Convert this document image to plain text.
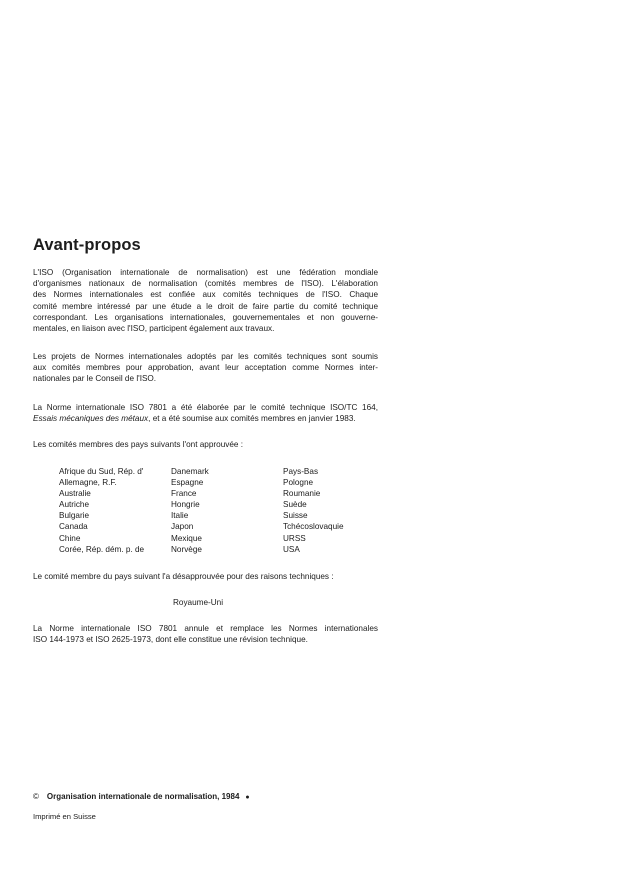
Avant-propos
L'ISO (Organisation internationale de normalisation) est une fédération mondiale
d'organismes nationaux de normalisation (comités membres de l'ISO). L'élaboration
des Normes internationales est confiée aux comités techniques de l'ISO. Chaque
comité membre intéressé par une étude a le droit de faire partie du comité technique
correspondant. Les organisations internationales, gouvernementales et non gouverne-
mentales, en liaison avec l'ISO, participent également aux travaux.
Les projets de Normes internationales adoptés par les comités techniques sont soumis
aux comités membres pour approbation, avant leur acceptation comme Normes inter-
nationales par le Conseil de l'ISO.
La Norme internationale ISO 7801 a été élaborée par le comité technique ISO/TC 164,
Essais mécaniques des métaux, et a été soumise aux comités membres en janvier 1983.
Les comités membres des pays suivants l'ont approuvée :
Afrique du Sud, Rép. d'
Allemagne, R.F.
Australie
Autriche
Bulgarie
Canada
Chine
Corée, Rép. dém. p. de
Danemark
Espagne
France
Hongrie
Italie
Japon
Mexique
Norvège
Pays-Bas
Pologne
Roumanie
Suède
Suisse
Tchécoslovaquie
URSS
USA
Le comité membre du pays suivant l'a désapprouvée pour des raisons techniques :
Royaume-Uni
La Norme internationale ISO 7801 annule et remplace les Normes internationales
ISO 144-1973 et ISO 2625-1973, dont elle constitue une révision technique.
© Organisation internationale de normalisation, 1984 ●
Imprimé en Suisse
